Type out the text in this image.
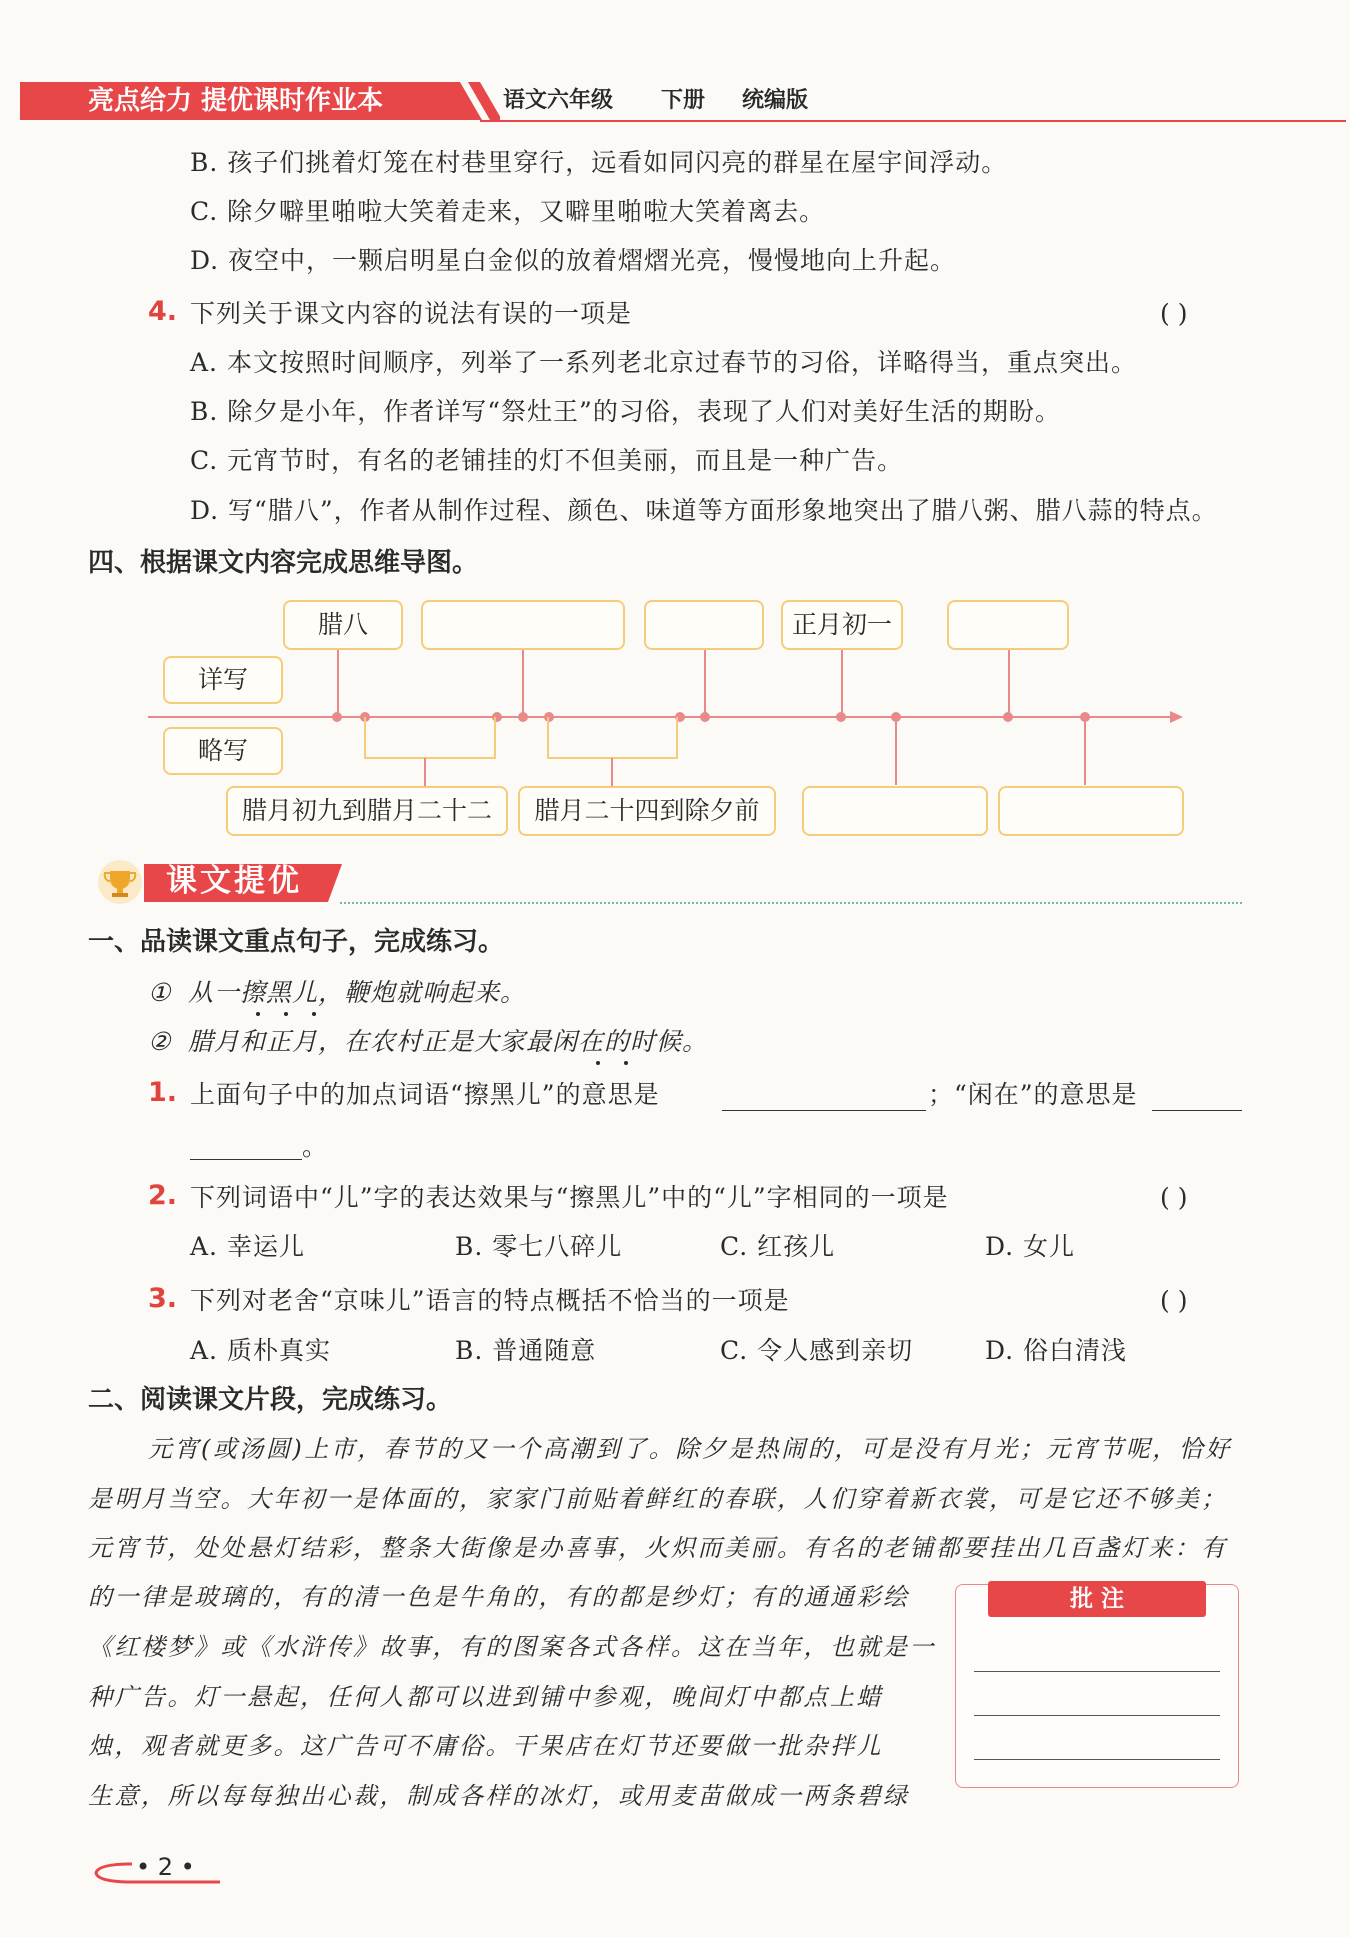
亮点给力 提优课时作业本	语文六年级 下册 统编版
B. 孩子们挑着灯笼在村巷里穿行，远看如同闪亮的群星在屋宇间浮动。
C. 除夕噼里啪啦大笑着走来，又噼里啪啦大笑着离去。
D. 夜空中，一颗启明星白金似的放着熠熠光亮，慢慢地向上升起。
4. 下列关于课文内容的说法有误的一项是	( )
A. 本文按照时间顺序，列举了一系列老北京过春节的习俗，详略得当，重点突出。
B. 除夕是小年，作者详写“祭灶王”的习俗，表现了人们对美好生活的期盼。
C. 元宵节时，有名的老铺挂的灯不但美丽，而且是一种广告。
D. 写“腊八”，作者从制作过程、颜色、味道等方面形象地突出了腊八粥、腊八蒜的特点。
四、根据课文内容完成思维导图。
详写
略写
腊八	正月初一
腊月初九到腊月二十二	腊月二十四到除夕前
课文提优
一、品读课文重点句子，完成练习。
① 从一擦黑儿，鞭炮就响起来。
② 腊月和正月，在农村正是大家最闲在的时候。
1. 上面句子中的加点词语“擦黑儿”的意思是	；“闲在”的意思是
。
2. 下列词语中“儿”字的表达效果与“擦黑儿”中的“儿”字相同的一项是	( )
A. 幸运儿	B. 零七八碎儿	C. 红孩儿	D. 女儿
3. 下列对老舍“京味儿”语言的特点概括不恰当的一项是	( )
A. 质朴真实	B. 普通随意	C. 令人感到亲切	D. 俗白清浅
二、阅读课文片段，完成练习。
元宵(或汤圆)上市，春节的又一个高潮到了。除夕是热闹的，可是没有月光；元宵节呢，恰好
是明月当空。大年初一是体面的，家家门前贴着鲜红的春联，人们穿着新衣裳，可是它还不够美；
元宵节，处处悬灯结彩，整条大街像是办喜事，火炽而美丽。有名的老铺都要挂出几百盏灯来：有
的一律是玻璃的，有的清一色是牛角的，有的都是纱灯；有的通通彩绘
《红楼梦》或《水浒传》故事，有的图案各式各样。这在当年，也就是一
种广告。灯一悬起，任何人都可以进到铺中参观，晚间灯中都点上蜡
烛，观者就更多。这广告可不庸俗。干果店在灯节还要做一批杂拌儿
生意，所以每每独出心裁，制成各样的冰灯，或用麦苗做成一两条碧绿
批 注
• 2 •
